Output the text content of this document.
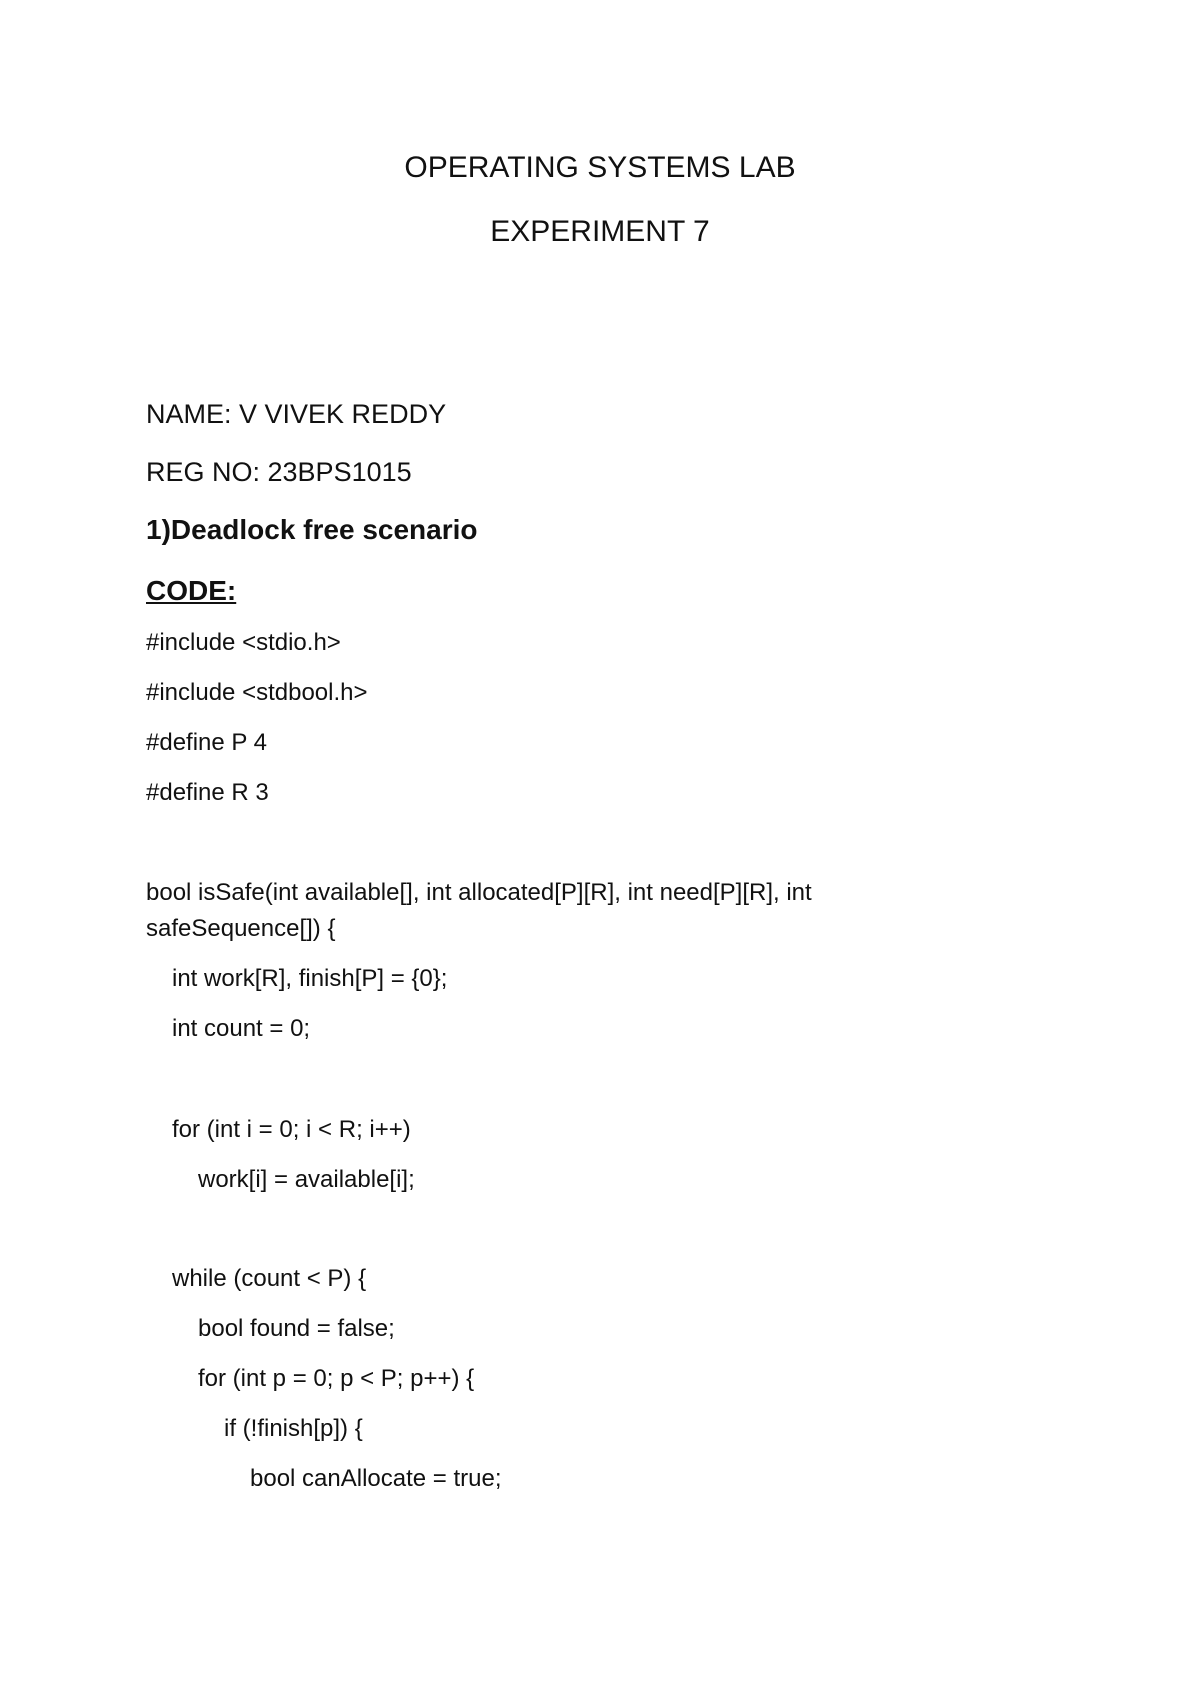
OPERATING SYSTEMS LAB
EXPERIMENT 7

NAME: V VIVEK REDDY

REG NO: 23BPS1015

1)Deadlock free scenario

CODE:

#include <stdio.h>
#include <stdbool.h>
#define P 4
#define R 3
bool isSafe(int available[], int allocated[P][R], int need[P][R], int
safeSequence[]) {
int work[R], finish[P] = {0};
int count = 0;
for (int i = 0; i < R; i++)
work[i] = available[i];
while (count < P) {
bool found = false;
for (int p = 0; p < P; p++) {
if (!finish[p]) {
bool canAllocate = true;
